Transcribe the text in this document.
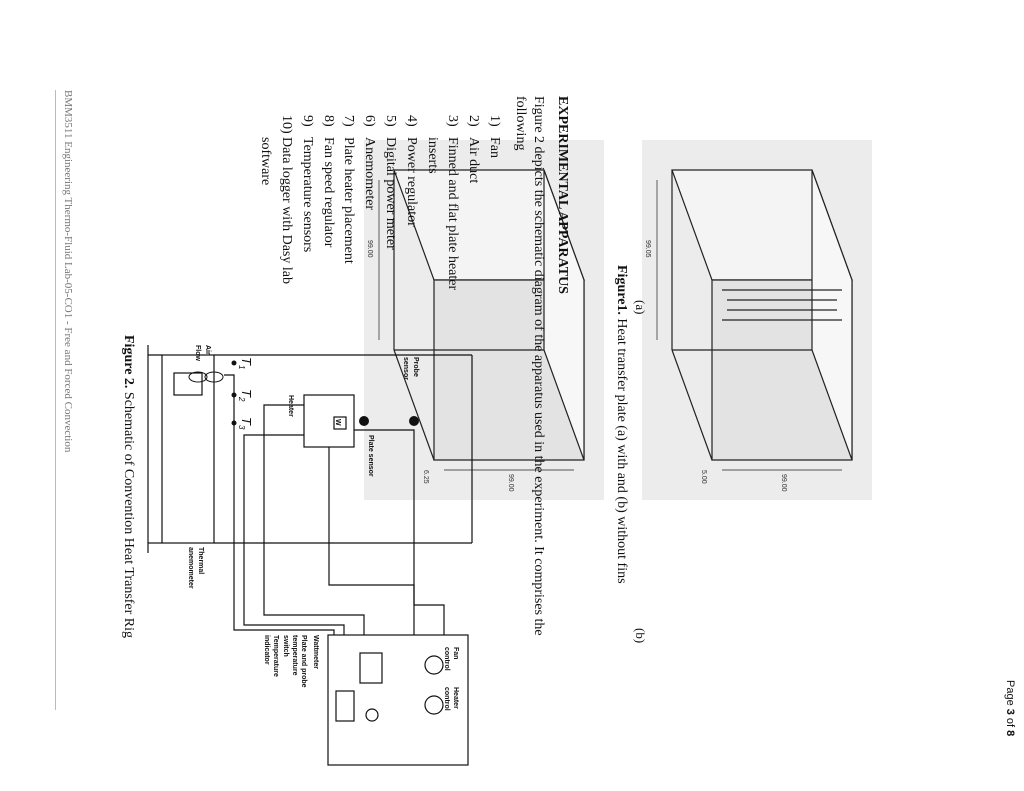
Page 3 of 8
99.05
99.00
5.00
99.00
99.00
6.25
(a)
(b)
Figure1. Heat transfer plate (a) with and (b) without fins
EXPERIMENTAL APPARATUS
Figure 2 depicts the schematic diagram of the apparatus used in the experiment. It comprises the
following
1)Fan
2)Air duct
3)Finned and flat plate heater
inserts
4)Power regulator
5)Digital power meter
6)Anemometer
7)Plate heater placement
8)Fan speed regulator
9)Temperature sensors
10)Data logger with Dasy lab
software
Air
Flow
Probe
sensor
Heater
Plate sensor
Thermal
anemometer
Fan
control
Heater
control
Wattmeter
Plate and probe
temperature
switch
Temperature
indicator
W
$T_1$
$T_2$
$T_3$
Figure 2. Schematic of Convention Heat Transfer Rig
BMM3511 Engineering Thermo-Fluid Lab-05-CO1 - Free and Forced Convection
